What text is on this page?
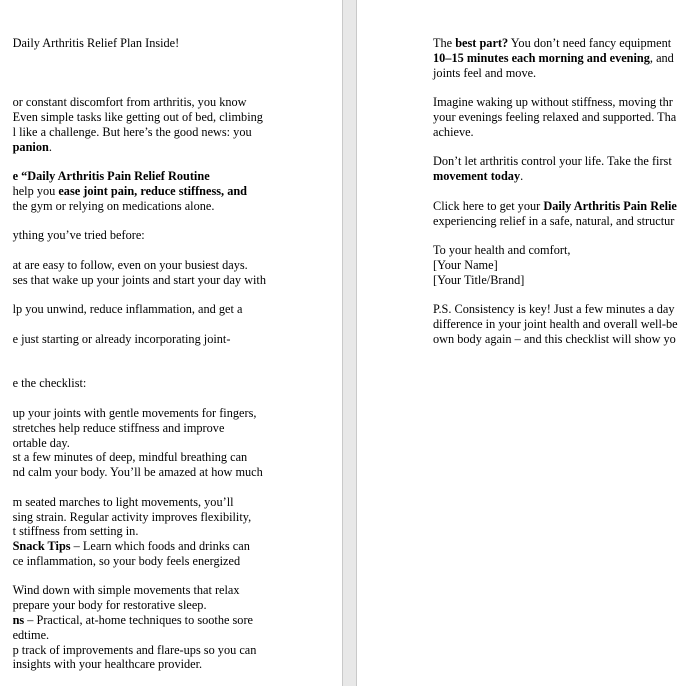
Daily Arthritis Relief Plan Inside!
or constant discomfort from arthritis, you know
Even simple tasks like getting out of bed, climbing
l like a challenge. But here’s the good news: you
panion.
e “Daily Arthritis Pain Relief Routine
help you ease joint pain, reduce stiffness, and
the gym or relying on medications alone.
ything you’ve tried before:
at are easy to follow, even on your busiest days.
ses that wake up your joints and start your day with
lp you unwind, reduce inflammation, and get a
e just starting or already incorporating joint-
e the checklist:
up your joints with gentle movements for fingers,
stretches help reduce stiffness and improve
ortable day.
st a few minutes of deep, mindful breathing can
nd calm your body. You’ll be amazed at how much
m seated marches to light movements, you’ll
sing strain. Regular activity improves flexibility,
t stiffness from setting in.
Snack Tips – Learn which foods and drinks can
ce inflammation, so your body feels energized
Wind down with simple movements that relax
prepare your body for restorative sleep.
ns – Practical, at-home techniques to soothe sore
edtime.
p track of improvements and flare-ups so you can
insights with your healthcare provider.
The best part? You don’t need fancy equipment
10–15 minutes each morning and evening, and
joints feel and move.
Imagine waking up without stiffness, moving thr
your evenings feeling relaxed and supported. Tha
achieve.
Don’t let arthritis control your life. Take the first
movement today.
Click here to get your Daily Arthritis Pain Relie
experiencing relief in a safe, natural, and structur
To your health and comfort,
[Your Name]
[Your Title/Brand]
P.S. Consistency is key! Just a few minutes a day
difference in your joint health and overall well-be
own body again – and this checklist will show yo
